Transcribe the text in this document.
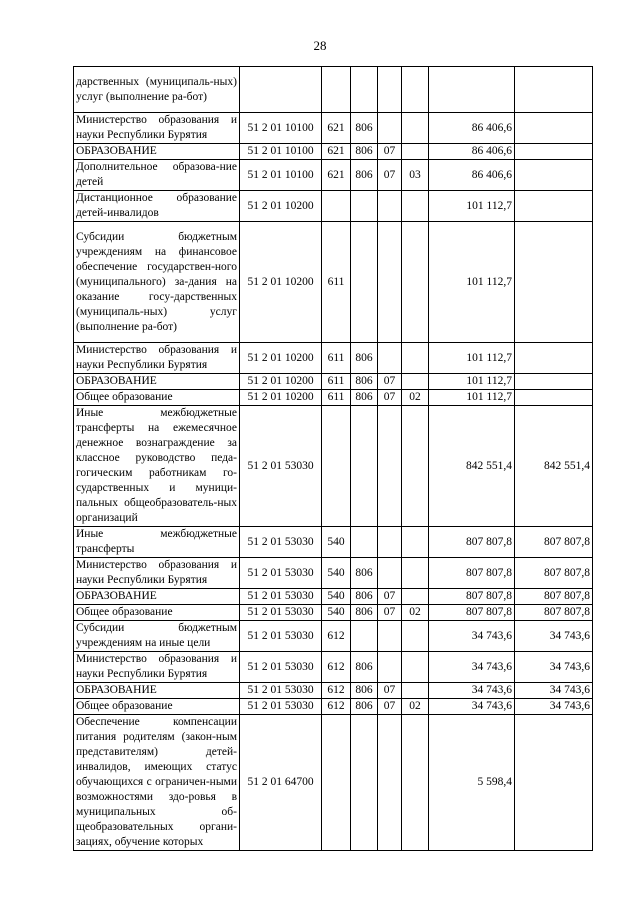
28
дарственных (муниципаль-ных) услуг (выполнение ра-бот)							
Министерство образования и науки Республики Бурятия	51 2 01 10100	621	806			86 406,6	
ОБРАЗОВАНИЕ	51 2 01 10100	621	806	07		86 406,6	
Дополнительное образова-ние детей	51 2 01 10100	621	806	07	03	86 406,6	
Дистанционное образование детей-инвалидов	51 2 01 10200					101 112,7	
Субсидии бюджетным учреждениям на финансовое обеспечение государствен-ного (муниципального) за-дания на оказание госу-дарственных (муниципаль-ных) услуг (выполнение ра-бот)	51 2 01 10200	611				101 112,7	
Министерство образования и науки Республики Бурятия	51 2 01 10200	611	806			101 112,7	
ОБРАЗОВАНИЕ	51 2 01 10200	611	806	07		101 112,7	
Общее образование	51 2 01 10200	611	806	07	02	101 112,7	
Иные межбюджетные трансферты на ежемесячное денежное вознаграждение за классное руководство педа-гогическим работникам го-сударственных и муници-пальных общеобразователь-ных организаций	51 2 01 53030					842 551,4	842 551,4
Иные межбюджетные трансферты	51 2 01 53030	540				807 807,8	807 807,8
Министерство образования и науки Республики Бурятия	51 2 01 53030	540	806			807 807,8	807 807,8
ОБРАЗОВАНИЕ	51 2 01 53030	540	806	07		807 807,8	807 807,8
Общее образование	51 2 01 53030	540	806	07	02	807 807,8	807 807,8
Субсидии бюджетным учреждениям на иные цели	51 2 01 53030	612				34 743,6	34 743,6
Министерство образования и науки Республики Бурятия	51 2 01 53030	612	806			34 743,6	34 743,6
ОБРАЗОВАНИЕ	51 2 01 53030	612	806	07		34 743,6	34 743,6
Общее образование	51 2 01 53030	612	806	07	02	34 743,6	34 743,6
Обеспечение компенсации питания родителям (закон-ным представителям) детей-инвалидов, имеющих статус обучающихся с ограничен-ными возможностями здо-ровья в муниципальных об-щеобразовательных органи-зациях, обучение которых	51 2 01 64700					5 598,4	
